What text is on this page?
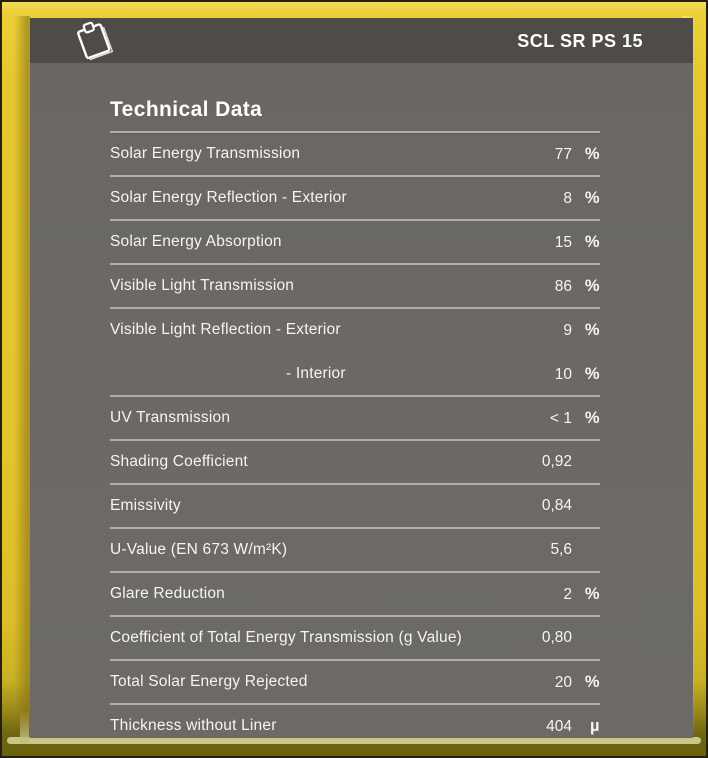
SCL SR PS 15
Technical Data
Solar Energy Transmission	77 %
Solar Energy Reflection - Exterior	8 %
Solar Energy Absorption	15 %
Visible Light Transmission	86 %
Visible Light Reflection - Exterior	9 %
- Interior	10 %
UV Transmission	< 1 %
Shading Coefficient	0,92
Emissivity	0,84
U-Value (EN 673 W/m²K)	5,6
Glare Reduction	2 %
Coefficient of Total Energy Transmission (g Value)	0,80
Total Solar Energy Rejected	20 %
Thickness without Liner	404	µ
